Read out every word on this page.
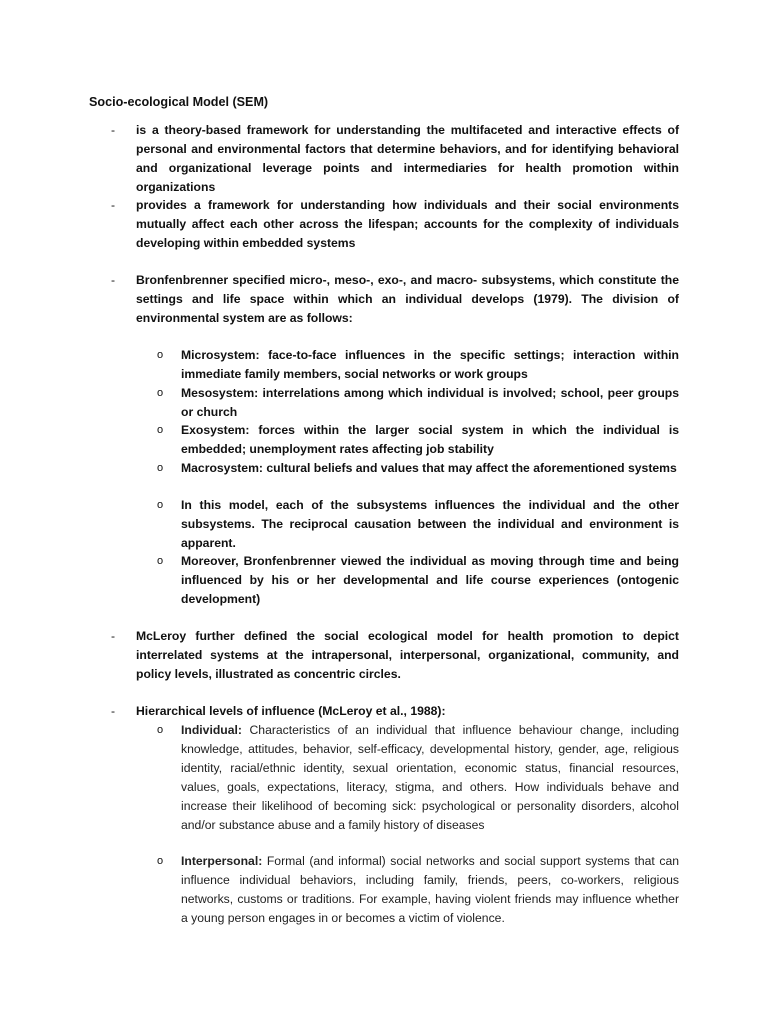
Socio-ecological Model (SEM)
- is a theory-based framework for understanding the multifaceted and interactive effects of personal and environmental factors that determine behaviors, and for identifying behavioral and organizational leverage points and intermediaries for health promotion within organizations
- provides a framework for understanding how individuals and their social environments mutually affect each other across the lifespan; accounts for the complexity of individuals developing within embedded systems
- Bronfenbrenner specified micro-, meso-, exo-, and macro- subsystems, which constitute the settings and life space within which an individual develops (1979). The division of environmental system are as follows:
o Microsystem: face-to-face influences in the specific settings; interaction within immediate family members, social networks or work groups
o Mesosystem: interrelations among which individual is involved; school, peer groups or church
o Exosystem: forces within the larger social system in which the individual is embedded; unemployment rates affecting job stability
o Macrosystem: cultural beliefs and values that may affect the aforementioned systems
o In this model, each of the subsystems influences the individual and the other subsystems. The reciprocal causation between the individual and environment is apparent.
o Moreover, Bronfenbrenner viewed the individual as moving through time and being influenced by his or her developmental and life course experiences (ontogenic development)
- McLeroy further defined the social ecological model for health promotion to depict interrelated systems at the intrapersonal, interpersonal, organizational, community, and policy levels, illustrated as concentric circles.
- Hierarchical levels of influence (McLeroy et al., 1988):
o Individual: Characteristics of an individual that influence behaviour change, including knowledge, attitudes, behavior, self-efficacy, developmental history, gender, age, religious identity, racial/ethnic identity, sexual orientation, economic status, financial resources, values, goals, expectations, literacy, stigma, and others. How individuals behave and increase their likelihood of becoming sick: psychological or personality disorders, alcohol and/or substance abuse and a family history of diseases
o Interpersonal: Formal (and informal) social networks and social support systems that can influence individual behaviors, including family, friends, peers, co-workers, religious networks, customs or traditions. For example, having violent friends may influence whether a young person engages in or becomes a victim of violence.
